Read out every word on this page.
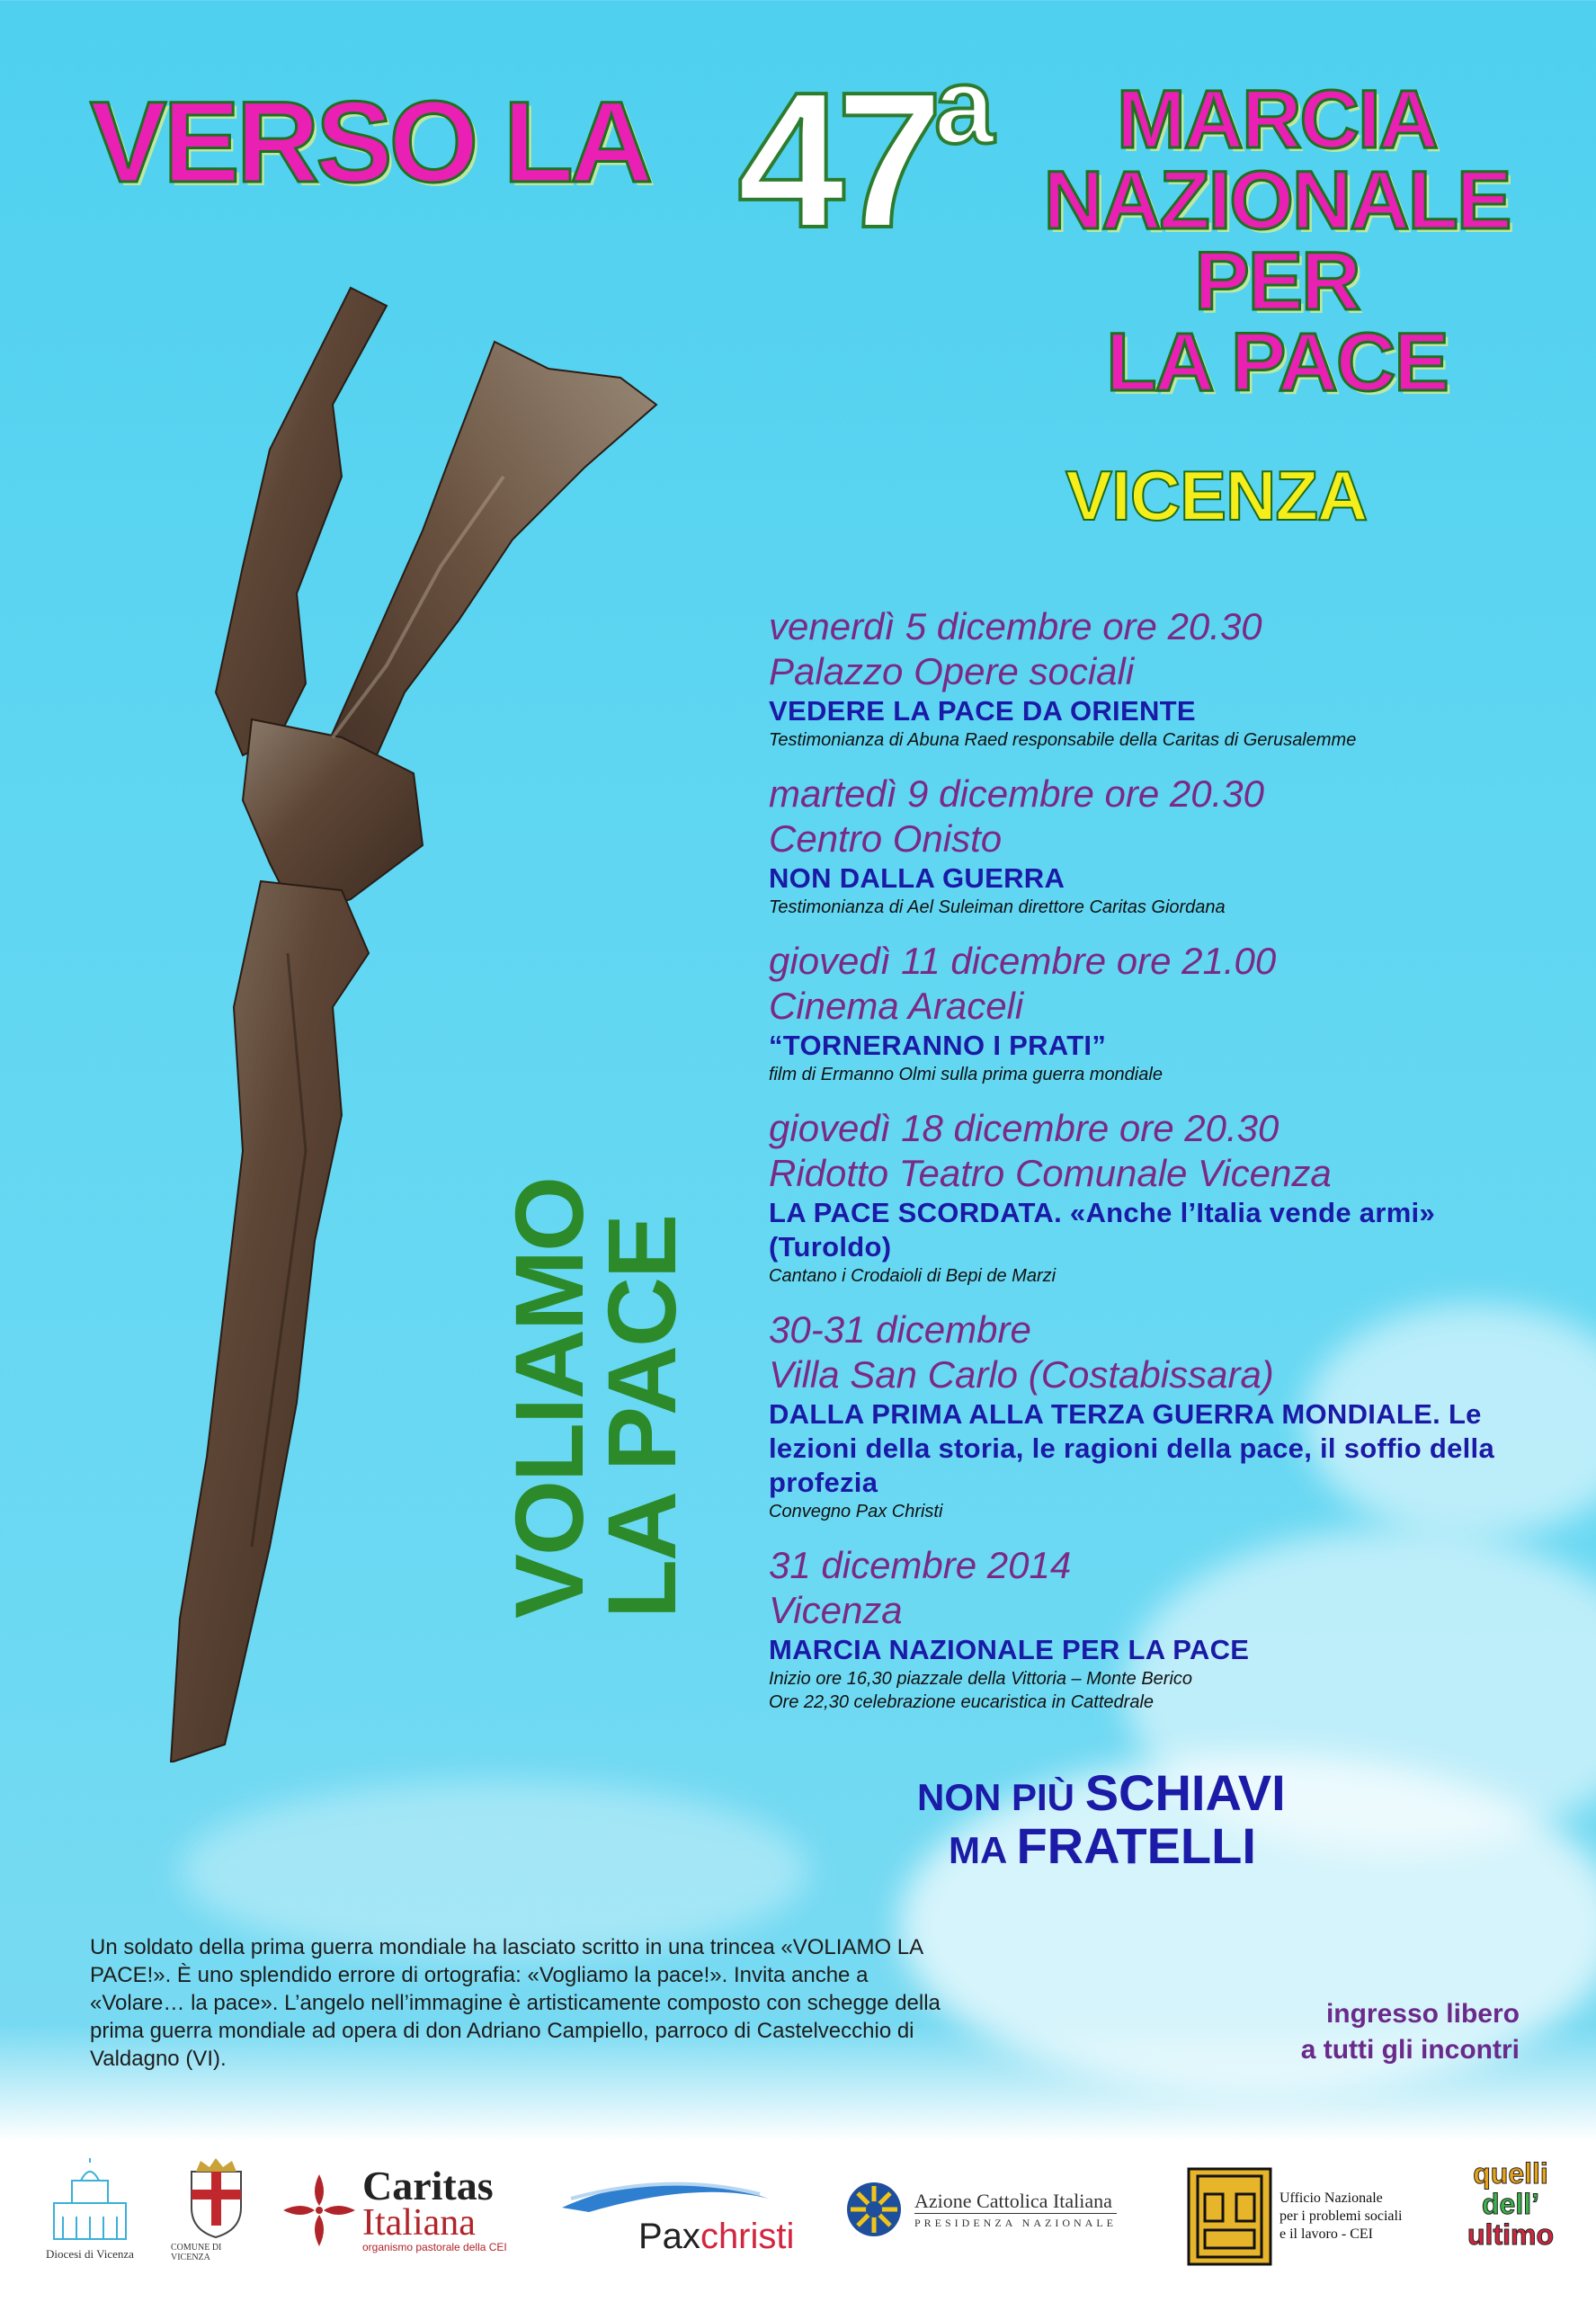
VERSO LA 47$^a$	MARCIA
NAZIONALE
PER
LA PACE
VICENZA
VOLIAMO
LA PACE
venerdì 5 dicembre ore 20.30
Palazzo Opere sociali
VEDERE LA PACE DA ORIENTE
Testimonianza di Abuna Raed responsabile della Caritas di Gerusalemme
martedì 9 dicembre ore 20.30
Centro Onisto
NON DALLA GUERRA
Testimonianza di Ael Suleiman direttore Caritas Giordana
giovedì 11 dicembre ore 21.00
Cinema Araceli
“TORNERANNO I PRATI”
film di Ermanno Olmi sulla prima guerra mondiale
giovedì 18 dicembre ore 20.30
Ridotto Teatro Comunale Vicenza
LA PACE SCORDATA. «Anche l’Italia vende armi» (Turoldo)
Cantano i Crodaioli di Bepi de Marzi
30-31 dicembre
Villa San Carlo (Costabissara)
DALLA PRIMA ALLA TERZA GUERRA MONDIALE. Le lezioni della storia, le ragioni della pace, il soffio della profezia
Convegno Pax Christi
31 dicembre 2014
Vicenza
MARCIA NAZIONALE PER LA PACE
Inizio ore 16,30 piazzale della Vittoria – Monte Berico
Ore 22,30 celebrazione eucaristica in Cattedrale
NON PIÙ SCHIAVI
MA FRATELLI
Un soldato della prima guerra mondiale ha lasciato scritto in una trincea «VOLIAMO LA PACE!». È uno splendido errore di ortografia: «Vogliamo la pace!». Invita anche a «Volare… la pace». L’angelo nell’immagine è artisticamente composto con schegge della prima guerra mondiale ad opera di don Adriano Campiello, parroco di Castelvecchio di Valdagno (VI).
ingresso libero
a tutti gli incontri
Diocesi di Vicenza	COMUNE DI VICENZA
Caritas
Italiana
organismo pastorale della CEI	Paxchristi
Azione Cattolica Italiana
PRESIDENZA NAZIONALE
Ufficio Nazionale
per i problemi sociali
e il lavoro - CEI
quelli
dell’
ultimo
